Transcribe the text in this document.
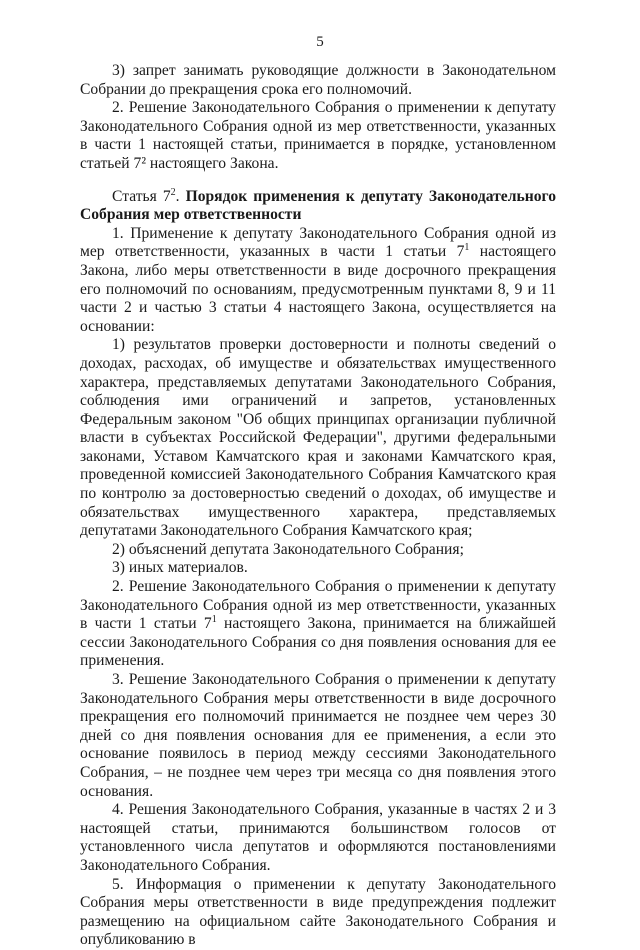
5

3) запрет занимать руководящие должности в Законодательном Собрании до прекращения срока его полномочий.

2. Решение Законодательного Собрания о применении к депутату Законодательного Собрания одной из мер ответственности, указанных в части 1 настоящей статьи, принимается в порядке, установленном статьей 7² настоящего Закона.

Статья $7^2$. Порядок применения к депутату Законодательного Собрания мер ответственности

1. Применение к депутату Законодательного Собрания одной из мер ответственности, указанных в части 1 статьи $7^1$ настоящего Закона, либо меры ответственности в виде досрочного прекращения его полномочий по основаниям, предусмотренным пунктами 8, 9 и 11 части 2 и частью 3 статьи 4 настоящего Закона, осуществляется на основании:

1) результатов проверки достоверности и полноты сведений о доходах, расходах, об имуществе и обязательствах имущественного характера, представляемых депутатами Законодательного Собрания, соблюдения ими ограничений и запретов, установленных Федеральным законом "Об общих принципах организации публичной власти в субъектах Российской Федерации", другими федеральными законами, Уставом Камчатского края и законами Камчатского края, проведенной комиссией Законодательного Собрания Камчатского края по контролю за достоверностью сведений о доходах, об имуществе и обязательствах имущественного характера, представляемых депутатами Законодательного Собрания Камчатского края;

2) объяснений депутата Законодательного Собрания;

3) иных материалов.

2. Решение Законодательного Собрания о применении к депутату Законодательного Собрания одной из мер ответственности, указанных в части 1 статьи $7^1$ настоящего Закона, принимается на ближайшей сессии Законодательного Собрания со дня появления основания для ее применения.

3. Решение Законодательного Собрания о применении к депутату Законодательного Собрания меры ответственности в виде досрочного прекращения его полномочий принимается не позднее чем через 30 дней со дня появления основания для ее применения, а если это основание появилось в период между сессиями Законодательного Собрания, – не позднее чем через три месяца со дня появления этого основания.

4. Решения Законодательного Собрания, указанные в частях 2 и 3 настоящей статьи, принимаются большинством голосов от установленного числа депутатов и оформляются постановлениями Законодательного Собрания.

5. Информация о применении к депутату Законодательного Собрания меры ответственности в виде предупреждения подлежит размещению на официальном сайте Законодательного Собрания и опубликованию в
